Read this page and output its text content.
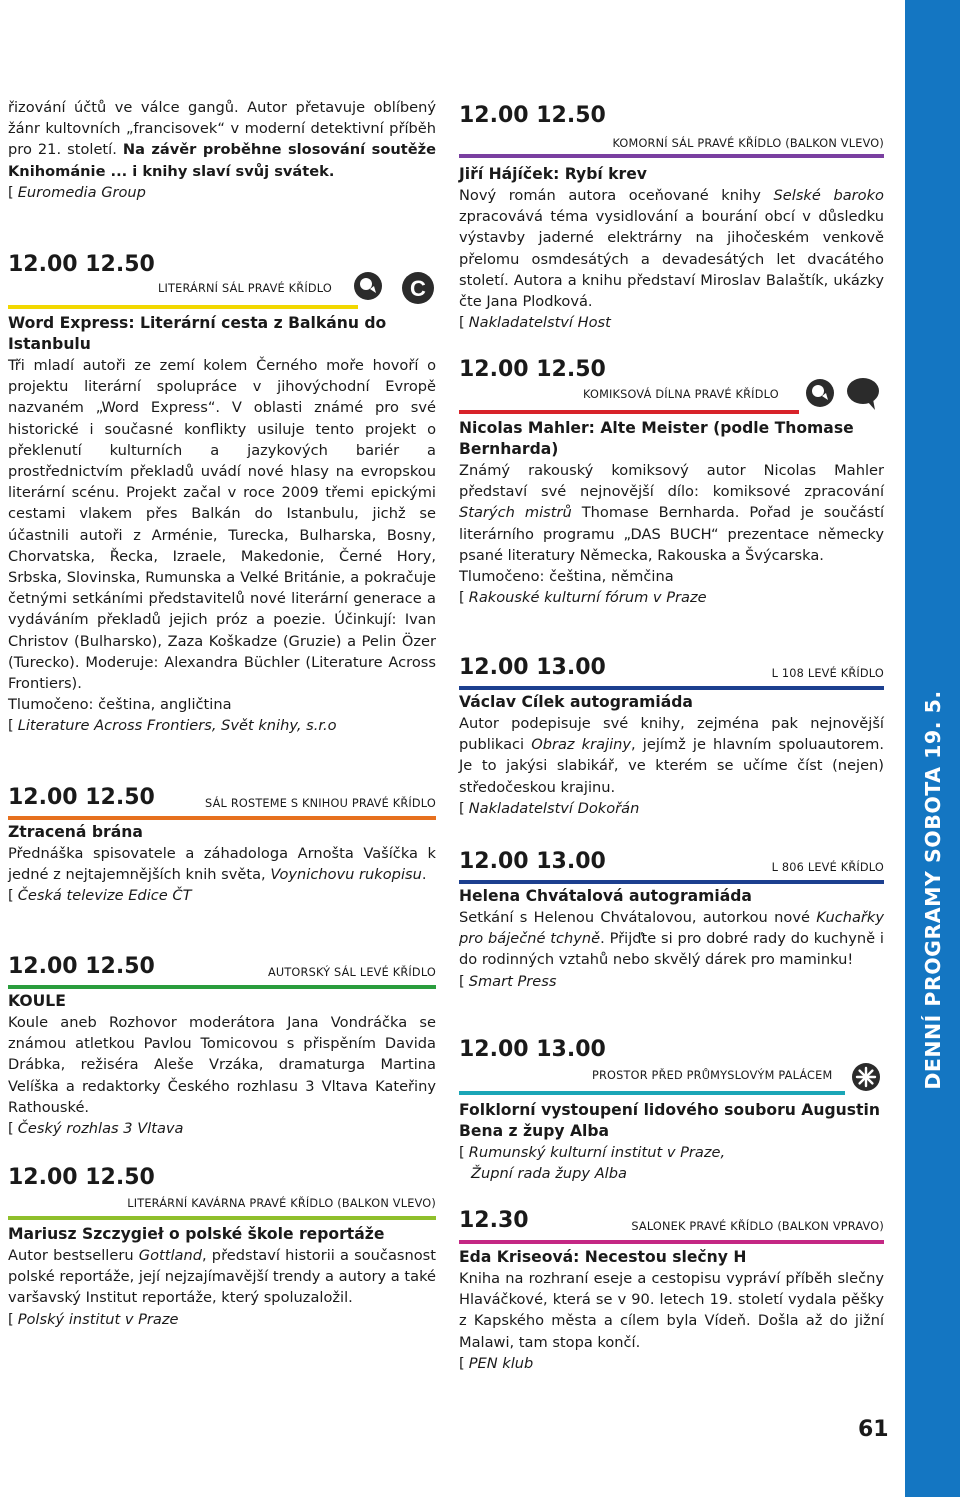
DENNÍ PROGRAMY SOBOTA 19. 5.
61

řizování účtů ve válce gangů. Autor přetavuje oblíbený žánr kultovních „francisovek“ v moderní detektivní příběh pro 21. století. Na závěr proběhne slosování soutěže Knihománie ... i knihy slaví svůj svátek.

[ Euromedia Group

12.00 12.50

LITERÁRNÍ SÁL PRAVÉ KŘÍDLO	C

Word Express: Literární cesta z Balkánu do Istanbulu

Tři mladí autoři ze zemí kolem Černého moře hovoří o projektu literární spolupráce v jihovýchodní Evropě nazvaném „Word Express“. V oblasti známé pro své historické i současné konflikty usiluje tento projekt o překlenutí kulturních a jazykových bariér a prostřednictvím překladů uvádí nové hlasy na evropskou literární scénu. Projekt začal v roce 2009 třemi epickými cestami vlakem přes Balkán do Istanbulu, jichž se účastnili autoři z Arménie, Turecka, Bulharska, Bosny, Chorvatska, Řecka, Izraele, Makedonie, Černé Hory, Srbska, Slovinska, Rumunska a Velké Británie, a pokračuje četnými setkáními představitelů nové literární generace a vydáváním překladů jejich próz a poezie. Účinkují: Ivan Christov (Bulharsko), Zaza Koškadze (Gruzie) a Pelin Özer (Turecko). Moderuje: Alexandra Büchler (Literature Across Frontiers).

Tlumočeno: čeština, angličtina

[ Literature Across Frontiers, Svět knihy, s.r.o

12.00 12.50	SÁL ROSTEME S KNIHOU PRAVÉ KŘÍDLO

Ztracená brána

Přednáška spisovatele a záhadologa Arnošta Vašíčka k jedné z nejtajemnějších knih světa, Voynichovu rukopisu.

[ Česká televize Edice ČT

12.00 12.50	AUTORSKÝ SÁL LEVÉ KŘÍDLO

KOULE

Koule aneb Rozhovor moderátora Jana Vondráčka se známou atletkou Pavlou Tomicovou s přispěním Davida Drábka, režiséra Aleše Vrzáka, dramaturga Martina Velíška a redaktorky Českého rozhlasu 3 Vltava Kateřiny Rathouské.

[ Český rozhlas 3 Vltava

12.00 12.50

LITERÁRNÍ KAVÁRNA PRAVÉ KŘÍDLO (BALKON VLEVO)

Mariusz Szczygieł o polské škole reportáže

Autor bestselleru Gottland, představí historii a současnost polské reportáže, její nejzajímavější trendy a autory a také varšavský Institut reportáže, který spoluzaložil.

[ Polský institut v Praze

12.00 12.50

KOMORNÍ SÁL PRAVÉ KŘÍDLO (BALKON VLEVO)

Jiří Hájíček: Rybí krev

Nový román autora oceňované knihy Selské baroko zpracovává téma vysidlování a bourání obcí v důsledku výstavby jaderné elektrárny na jihočeském venkově přelomu osmdesátých a devadesátých let dvacátého století. Autora a knihu představí Miroslav Balaštík, ukázky čte Jana Plodková.

[ Nakladatelství Host

12.00 12.50

KOMIKSOVÁ DÍLNA PRAVÉ KŘÍDLO

Nicolas Mahler: Alte Meister (podle Thomase Bernharda)

Známý rakouský komiksový autor Nicolas Mahler představí své nejnovější dílo: komiksové zpracování Starých mistrů Thomase Bernharda. Pořad je součástí literárního programu „DAS BUCH“ prezentace německy psané literatury Německa, Rakouska a Švýcarska.

Tlumočeno: čeština, němčina

[ Rakouské kulturní fórum v Praze

12.00 13.00	L 108 LEVÉ KŘÍDLO

Václav Cílek autogramiáda

Autor podepisuje své knihy, zejména pak nejnovější publikaci Obraz krajiny, jejímž je hlavním spoluautorem. Je to jakýsi slabikář, ve kterém se učíme číst (nejen) středočeskou krajinu.

[ Nakladatelství Dokořán

12.00 13.00	L 806 LEVÉ KŘÍDLO

Helena Chvátalová autogramiáda

Setkání s Helenou Chvátalovou, autorkou nové Kuchařky pro báječné tchyně. Přijďte si pro dobré rady do kuchyně i do rodinných vztahů nebo skvělý dárek pro maminku!

[ Smart Press

12.00 13.00

PROSTOR PŘED PRŮMYSLOVÝM PALÁCEM

Folklorní vystoupení lidového souboru Augustin Bena z župy Alba

[ Rumunský kulturní institut v Praze,

Župní rada župy Alba

12.30	SALONEK PRAVÉ KŘÍDLO (BALKON VPRAVO)

Eda Kriseová: Necestou slečny H

Kniha na rozhraní eseje a cestopisu vypráví příběh slečny Hlaváčkové, která se v 90. letech 19. století vydala pěšky z Kapského města a cílem byla Vídeň. Došla až do jižní Malawi, tam stopa končí.

[ PEN klub
